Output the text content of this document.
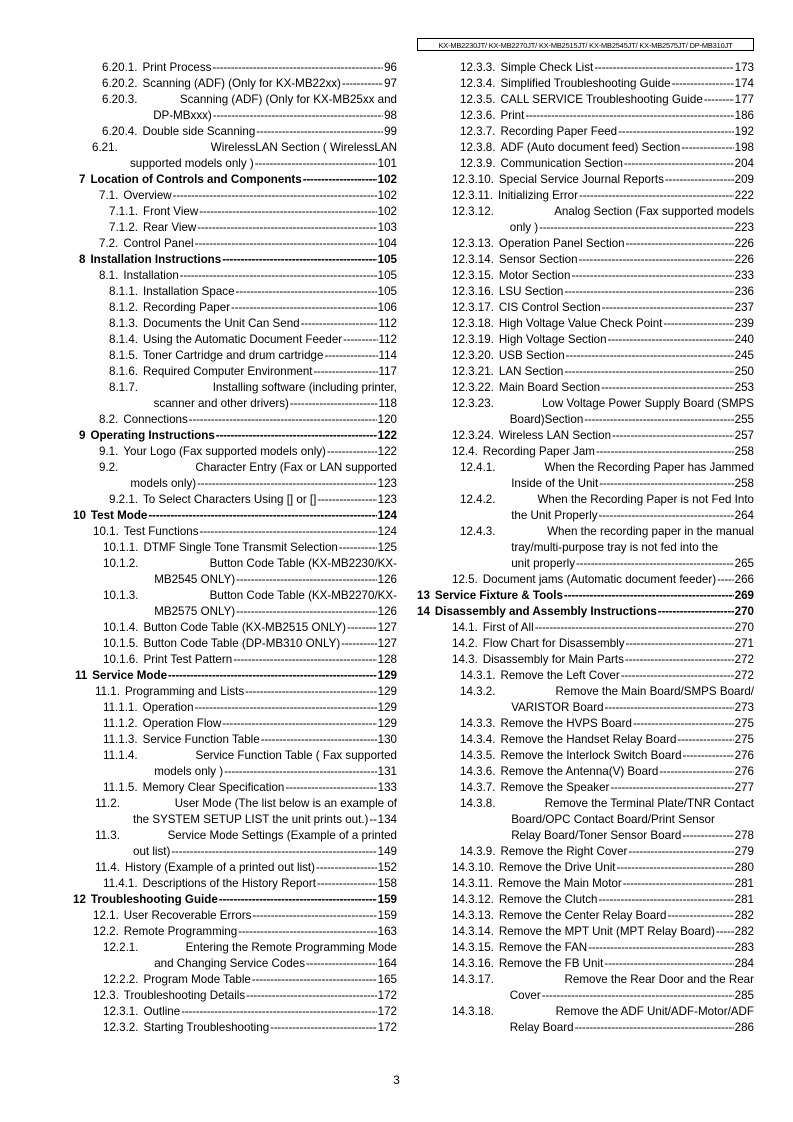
KX-MB2230JT/ KX-MB2270JT/ KX-MB2515JT/ KX-MB2545JT/ KX-MB2575JT/ DP-MB310JT
6.20.1. Print Process -----	96
6.20.2. Scanning (ADF) (Only for KX-MB22xx) -----	97
6.20.3.	Scanning (ADF) (Only for KX-MB25xx and
DP-MBxxx) -----	98
6.20.4. Double side Scanning -----	99
6.21.	WirelessLAN Section ( WirelessLAN
supported models only ) -----	101
7 Location of Controls and Components -----	102
7.1. Overview -----	102
7.1.1. Front View -----	102
7.1.2. Rear View -----	103
7.2. Control Panel -----	104
8 Installation Instructions -----	105
8.1. Installation -----	105
8.1.1. Installation Space -----	105
8.1.2. Recording Paper -----	106
8.1.3. Documents the Unit Can Send -----	112
8.1.4. Using the Automatic Document Feeder -----	112
8.1.5. Toner Cartridge and drum cartridge -----	114
8.1.6. Required Computer Environment -----	117
8.1.7.	Installing software (including printer,
scanner and other drivers) -----	118
8.2. Connections -----	120
9 Operating Instructions -----	122
9.1. Your Logo (Fax supported models only) -----	122
9.2.	Character Entry (Fax or LAN supported
models only) -----	123
9.2.1. To Select Characters Using [] or [] -----	123
10 Test Mode -----	124
10.1. Test Functions -----	124
10.1.1. DTMF Single Tone Transmit Selection -----	125
10.1.2.	Button Code Table (KX-MB2230/KX-
MB2545 ONLY) -----	126
10.1.3.	Button Code Table (KX-MB2270/KX-
MB2575 ONLY) -----	126
10.1.4. Button Code Table (KX-MB2515 ONLY) -----	127
10.1.5. Button Code Table (DP-MB310 ONLY) -----	127
10.1.6. Print Test Pattern -----	128
11 Service Mode -----	129
11.1. Programming and Lists -----	129
11.1.1. Operation -----	129
11.1.2. Operation Flow -----	129
11.1.3. Service Function Table -----	130
11.1.4.	Service Function Table ( Fax supported
models only ) -----	131
11.1.5. Memory Clear Specification -----	133
11.2.	User Mode (The list below is an example of
the SYSTEM SETUP LIST the unit prints out.) ----- 134
11.3.	Service Mode Settings (Example of a printed
out list) -----	149
11.4. History (Example of a printed out list) -----	152
11.4.1. Descriptions of the History Report -----	158
12 Troubleshooting Guide -----	159
12.1. User Recoverable Errors -----	159
12.2. Remote Programming -----	163
12.2.1.	Entering the Remote Programming Mode
and Changing Service Codes -----	164
12.2.2. Program Mode Table -----	165
12.3. Troubleshooting Details -----	172
12.3.1. Outline -----	172
12.3.2. Starting Troubleshooting -----	172
12.3.3. Simple Check List -----	173
12.3.4. Simplified Troubleshooting Guide -----	174
12.3.5. CALL SERVICE Troubleshooting Guide -----	177
12.3.6. Print -----	186
12.3.7. Recording Paper Feed -----	192
12.3.8. ADF (Auto document feed) Section -----	198
12.3.9. Communication Section -----	204
12.3.10. Special Service Journal Reports -----	209
12.3.11. Initializing Error -----	222
12.3.12.	Analog Section (Fax supported models
only ) -----	223
12.3.13. Operation Panel Section -----	226
12.3.14. Sensor Section -----	226
12.3.15. Motor Section -----	233
12.3.16. LSU Section -----	236
12.3.17. CIS Control Section -----	237
12.3.18. High Voltage Value Check Point -----	239
12.3.19. High Voltage Section -----	240
12.3.20. USB Section -----	245
12.3.21. LAN Section -----	250
12.3.22. Main Board Section -----	253
12.3.23.	Low Voltage Power Supply Board (SMPS
Board)Section -----	255
12.3.24. Wireless LAN Section -----	257
12.4. Recording Paper Jam -----	258
12.4.1.	When the Recording Paper has Jammed
Inside of the Unit -----	258
12.4.2.	When the Recording Paper is not Fed Into
the Unit Properly -----	264
12.4.3.	When the recording paper in the manual
tray/multi-purpose tray is not fed into the
unit properly -----	265
12.5. Document jams (Automatic document feeder) ----- 266
13 Service Fixture & Tools -----	269
14 Disassembly and Assembly Instructions -----	270
14.1. First of All -----	270
14.2. Flow Chart for Disassembly -----	271
14.3. Disassembly for Main Parts -----	272
14.3.1. Remove the Left Cover -----	272
14.3.2.	Remove the Main Board/SMPS Board/
VARISTOR Board -----	273
14.3.3. Remove the HVPS Board -----	275
14.3.4. Remove the Handset Relay Board -----	275
14.3.5. Remove the Interlock Switch Board -----	276
14.3.6. Remove the Antenna(V) Board -----	276
14.3.7. Remove the Speaker -----	277
14.3.8.	Remove the Terminal Plate/TNR Contact
Board/OPC Contact Board/Print Sensor
Relay Board/Toner Sensor Board -----	278
14.3.9. Remove the Right Cover -----	279
14.3.10. Remove the Drive Unit -----	280
14.3.11. Remove the Main Motor -----	281
14.3.12. Remove the Clutch -----	281
14.3.13. Remove the Center Relay Board -----	282
14.3.14. Remove the MPT Unit (MPT Relay Board) ----- 282
14.3.15. Remove the FAN -----	283
14.3.16. Remove the FB Unit -----	284
14.3.17.	Remove the Rear Door and the Rear
Cover -----	285
14.3.18.	Remove the ADF Unit/ADF-Motor/ADF
Relay Board -----	286
3
